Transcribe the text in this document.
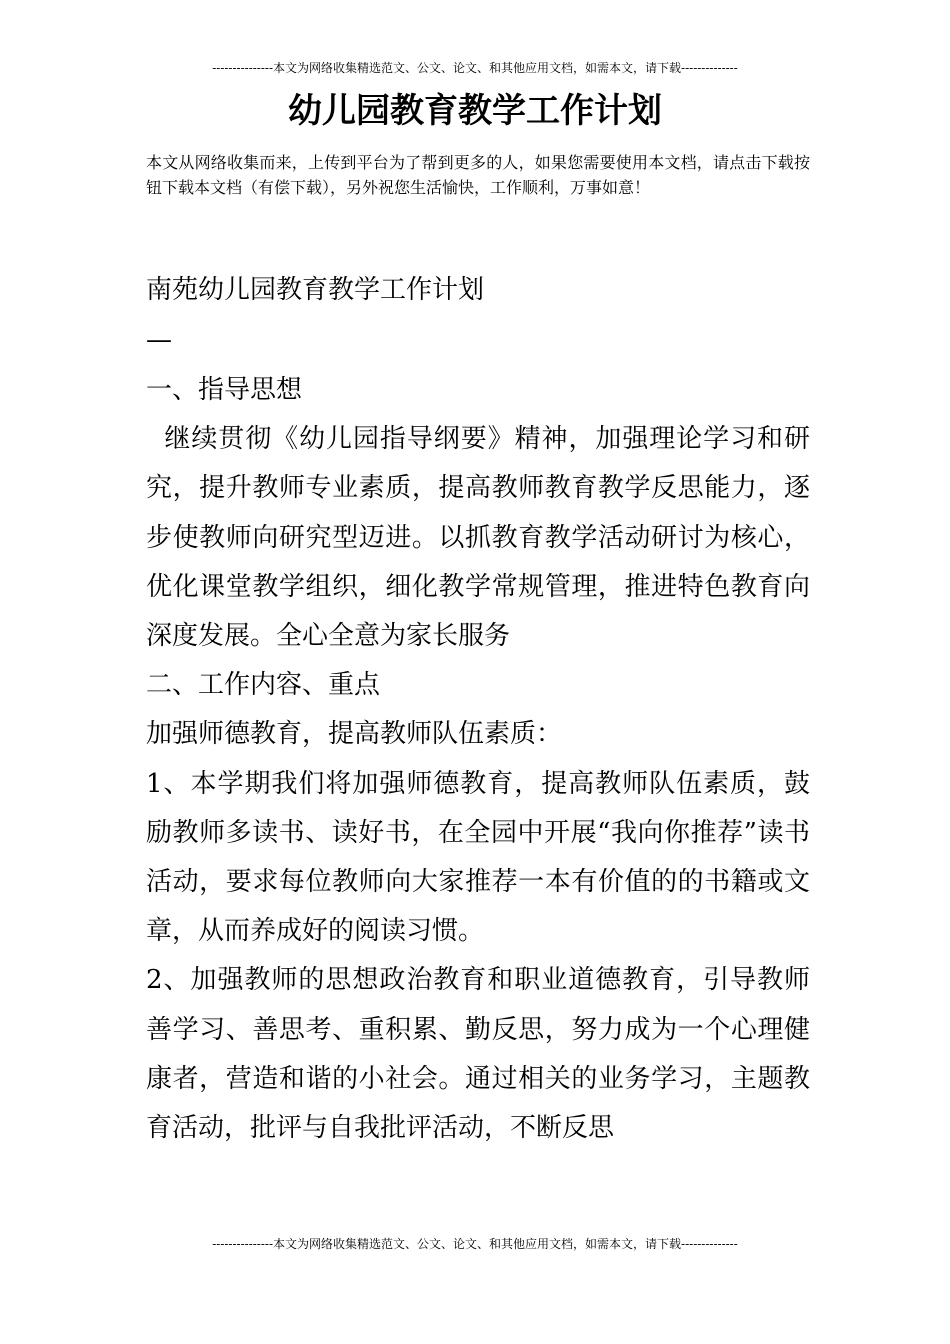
---------------本文为网络收集精选范文、公文、论文、和其他应用文档，如需本文，请下载--------------
幼儿园教育教学工作计划

本文从网络收集而来，上传到平台为了帮到更多的人，如果您需要使用本文档，请点击下载按钮下载本文档（有偿下载），另外祝您生活愉快，工作顺利，万事如意！

南苑幼儿园教育教学工作计划
—

一、指导思想

继续贯彻《幼儿园指导纲要》精神，加强理论学习和研究，提升教师专业素质，提高教师教育教学反思能力，逐步使教师向研究型迈进。以抓教育教学活动研讨为核心，优化课堂教学组织，细化教学常规管理，推进特色教育向深度发展。全心全意为家长服务

二、工作内容、重点

加强师德教育，提高教师队伍素质：

1、本学期我们将加强师德教育，提高教师队伍素质，鼓励教师多读书、读好书，在全园中开展“我向你推荐”读书活动，要求每位教师向大家推荐一本有价值的的书籍或文章，从而养成好的阅读习惯。

2、加强教师的思想政治教育和职业道德教育，引导教师善学习、善思考、重积累、勤反思，努力成为一个心理健康者，营造和谐的小社会。通过相关的业务学习，主题教育活动，批评与自我批评活动，不断反思

---------------本文为网络收集精选范文、公文、论文、和其他应用文档，如需本文，请下载--------------
